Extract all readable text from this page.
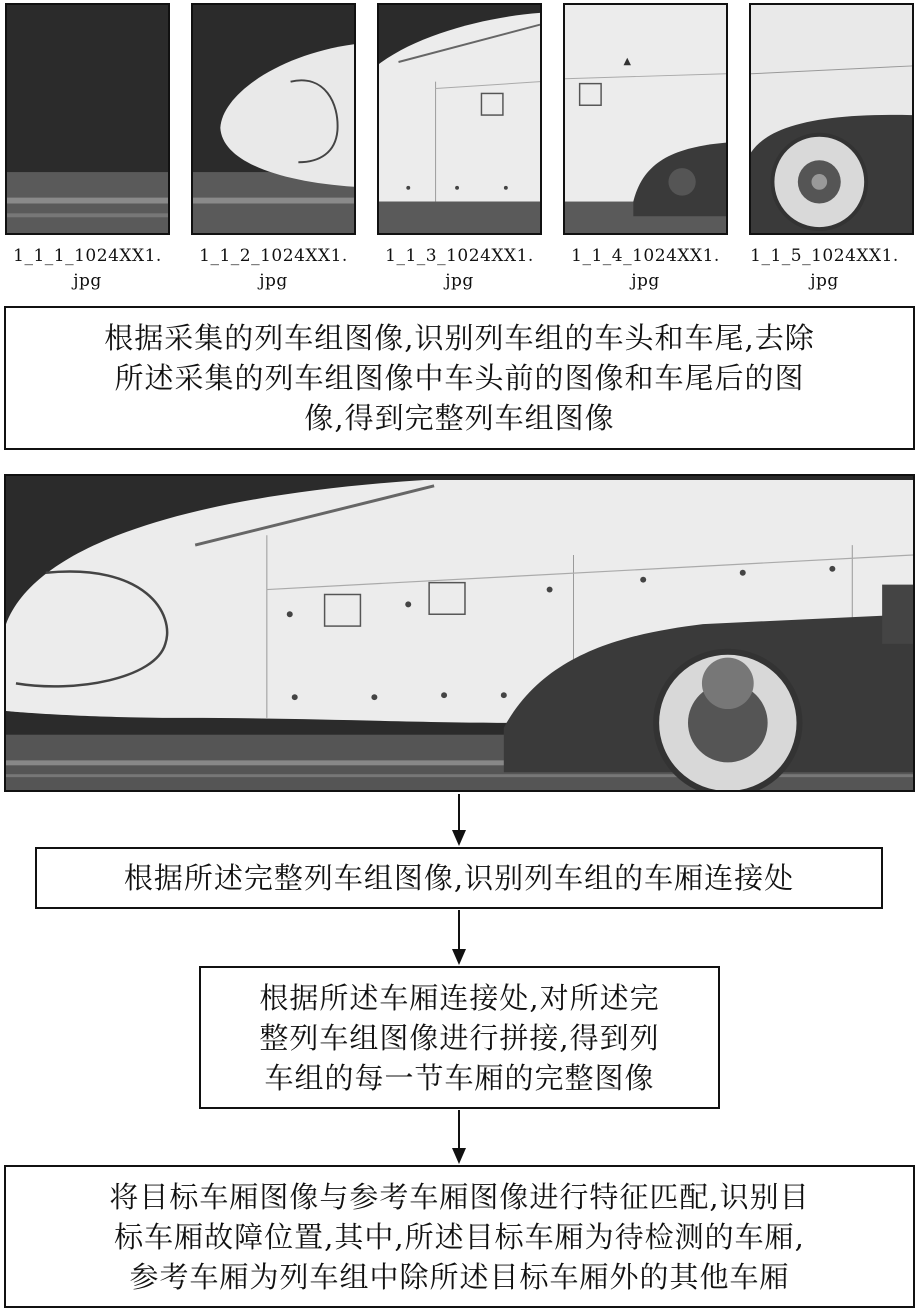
▲
1_1_1_1024XX1.
jpg
1_1_2_1024XX1.
jpg
1_1_3_1024XX1.
jpg
1_1_4_1024XX1.
jpg
1_1_5_1024XX1.
jpg
根据采集的列车组图像,识别列车组的车头和车尾,去除
所述采集的列车组图像中车头前的图像和车尾后的图
像,得到完整列车组图像
根据所述完整列车组图像,识别列车组的车厢连接处
根据所述车厢连接处,对所述完
整列车组图像进行拼接,得到列
车组的每一节车厢的完整图像
将目标车厢图像与参考车厢图像进行特征匹配,识别目
标车厢故障位置,其中,所述目标车厢为待检测的车厢,
参考车厢为列车组中除所述目标车厢外的其他车厢
